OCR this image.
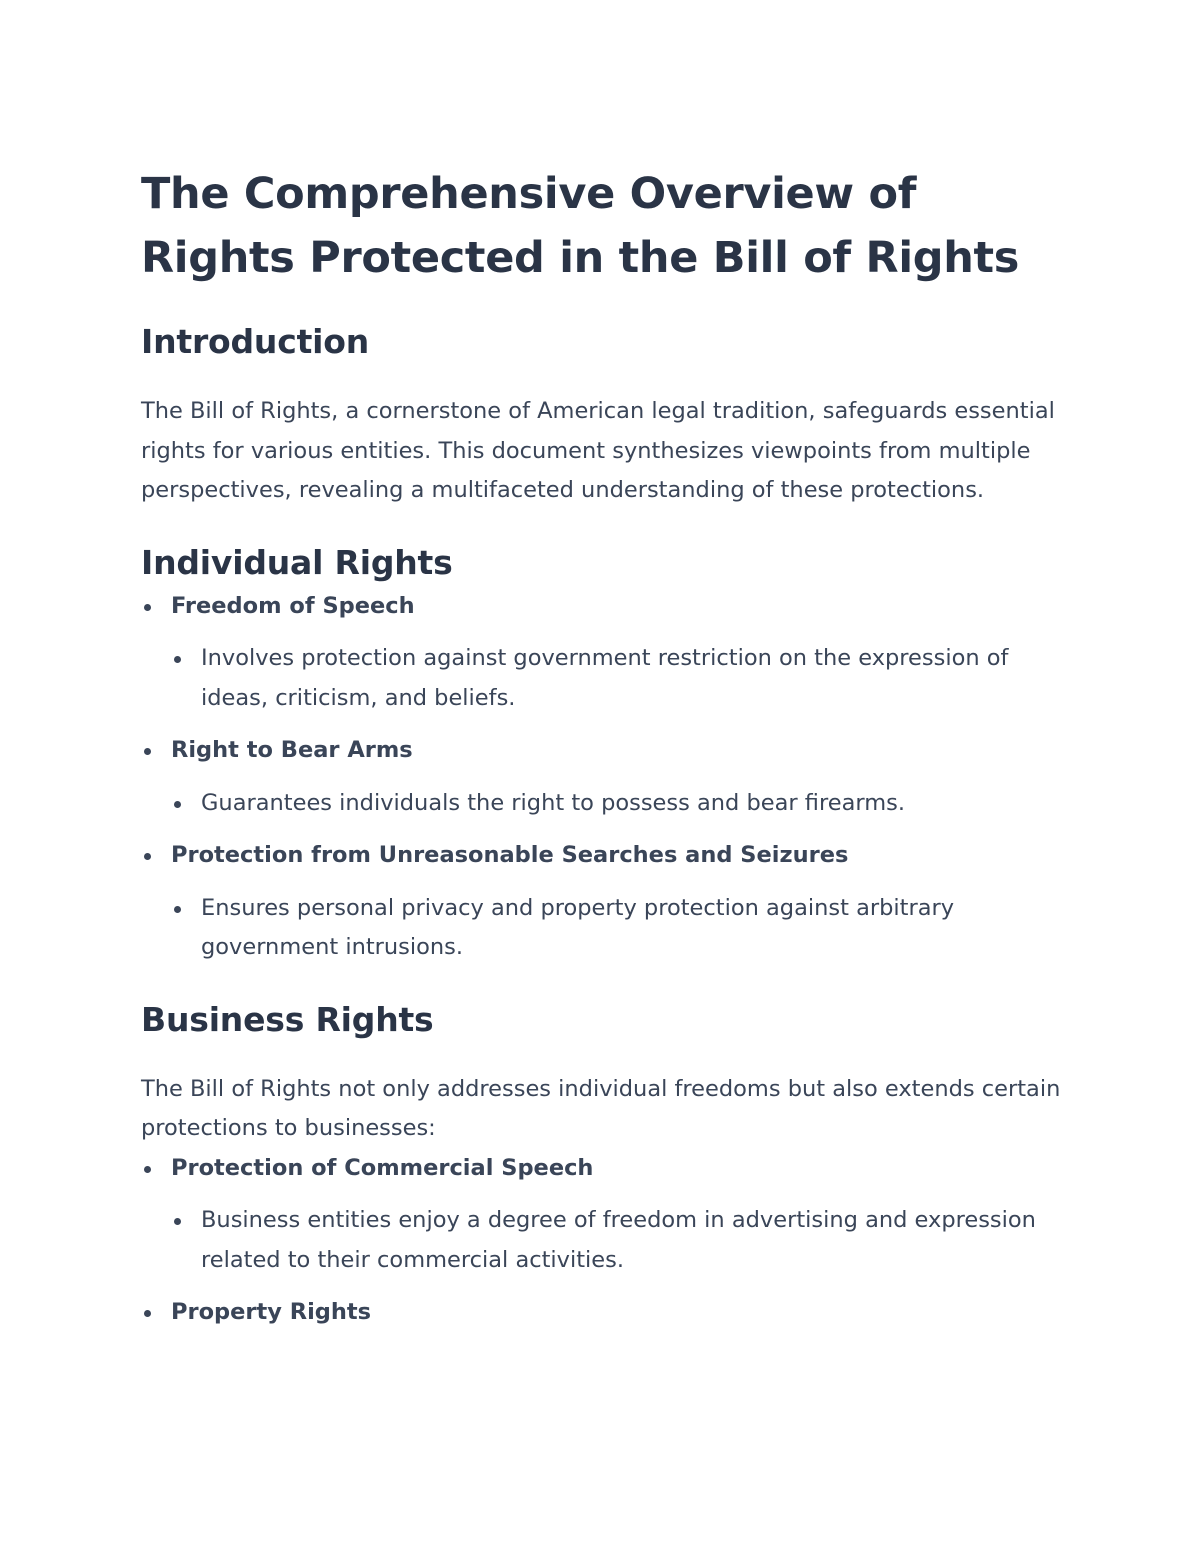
The Comprehensive Overview of Rights Protected in the Bill of Rights
Introduction

The Bill of Rights, a cornerstone of American legal tradition, safeguards essential rights for various entities. This document synthesizes viewpoints from multiple perspectives, revealing a multifaceted understanding of these protections.

Individual Rights
Freedom of Speech
Involves protection against government restriction on the expression of ideas, criticism, and beliefs.
Right to Bear Arms
Guarantees individuals the right to possess and bear firearms.
Protection from Unreasonable Searches and Seizures
Ensures personal privacy and property protection against arbitrary government intrusions.
Business Rights

The Bill of Rights not only addresses individual freedoms but also extends certain protections to businesses:

Protection of Commercial Speech
Business entities enjoy a degree of freedom in advertising and expression related to their commercial activities.
Property Rights
